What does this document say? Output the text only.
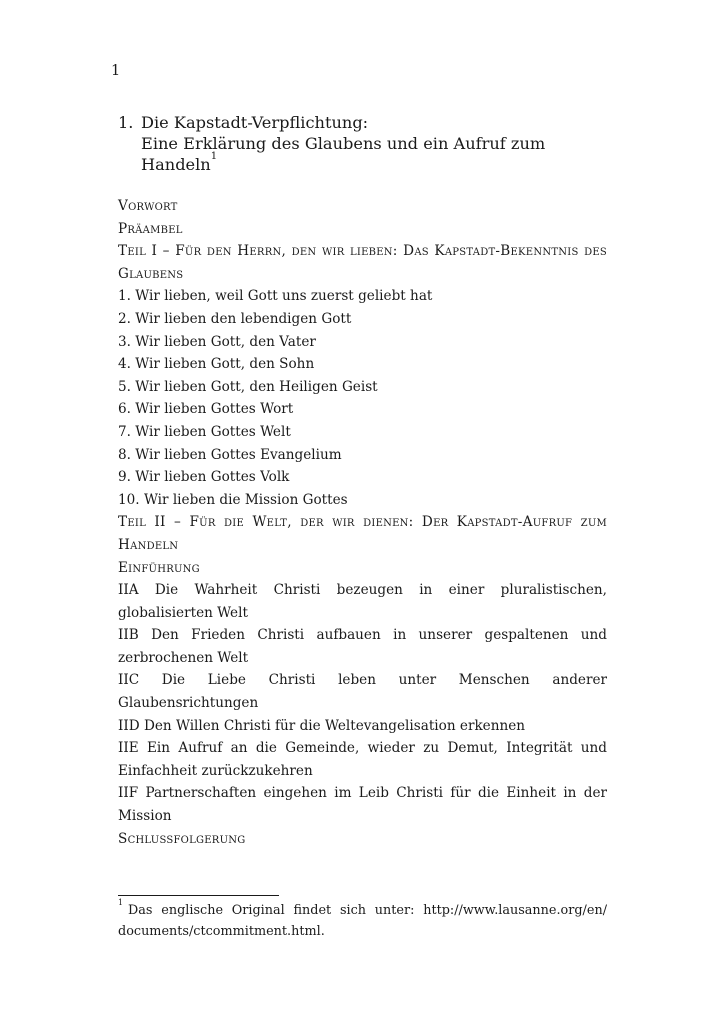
1
1. Die Kapstadt-Verpflichtung:
Eine Erklärung des Glaubens und ein Aufruf zum
Handeln$^1$
Vorwort
Präambel
Teil I – Für den Herrn, den wir lieben: Das Kapstadt-Bekenntnis des Glaubens
1. Wir lieben, weil Gott uns zuerst geliebt hat
2. Wir lieben den lebendigen Gott
3. Wir lieben Gott, den Vater
4. Wir lieben Gott, den Sohn
5. Wir lieben Gott, den Heiligen Geist
6. Wir lieben Gottes Wort
7. Wir lieben Gottes Welt
8. Wir lieben Gottes Evangelium
9. Wir lieben Gottes Volk
10. Wir lieben die Mission Gottes
Teil II – Für die Welt, der wir dienen: Der Kapstadt-Aufruf zum Handeln
Einführung
IIA Die Wahrheit Christi bezeugen in einer pluralistischen, globalisierten Welt
IIB Den Frieden Christi aufbauen in unserer gespaltenen und zerbrochenen Welt
IIC Die Liebe Christi leben unter Menschen anderer Glaubensrichtungen
IID Den Willen Christi für die Weltevangelisation erkennen
IIE Ein Aufruf an die Gemeinde, wieder zu Demut, Integrität und Einfachheit zurückzukehren
IIF Partnerschaften eingehen im Leib Christi für die Einheit in der Mission
Schlussfolgerung

$^1$Das englische Original findet sich unter: http://www.lausanne.org/en/documents/ctcommitment.html.
